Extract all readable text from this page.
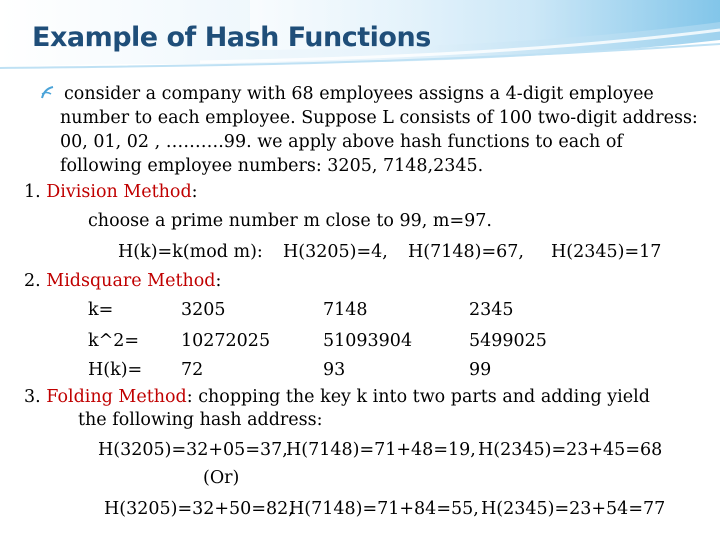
Example of Hash Functions
consider a company with 68 employees assigns a 4-digit employee
number to each employee. Suppose L consists of 100 two-digit address:
00, 01, 02 , ……….99. we apply above hash functions to each of
following employee numbers: 3205, 7148,2345.
1. Division Method:
choose a prime number m close to 99, m=97.
H(k)=k(mod m): H(3205)=4, H(7148)=67, H(2345)=17
2. Midsquare Method:
k=	3205	7148	2345
k^2= 10272025	51093904	5499025
H(k)= 72	93	99
3. Folding Method: chopping the key k into two parts and adding yield
the following hash address:
H(3205)=32+05=37,
H(7148)=71+48=19, H(2345)=23+45=68
(Or)
H(3205)=32+50=82,
H(7148)=71+84=55, H(2345)=23+54=77
